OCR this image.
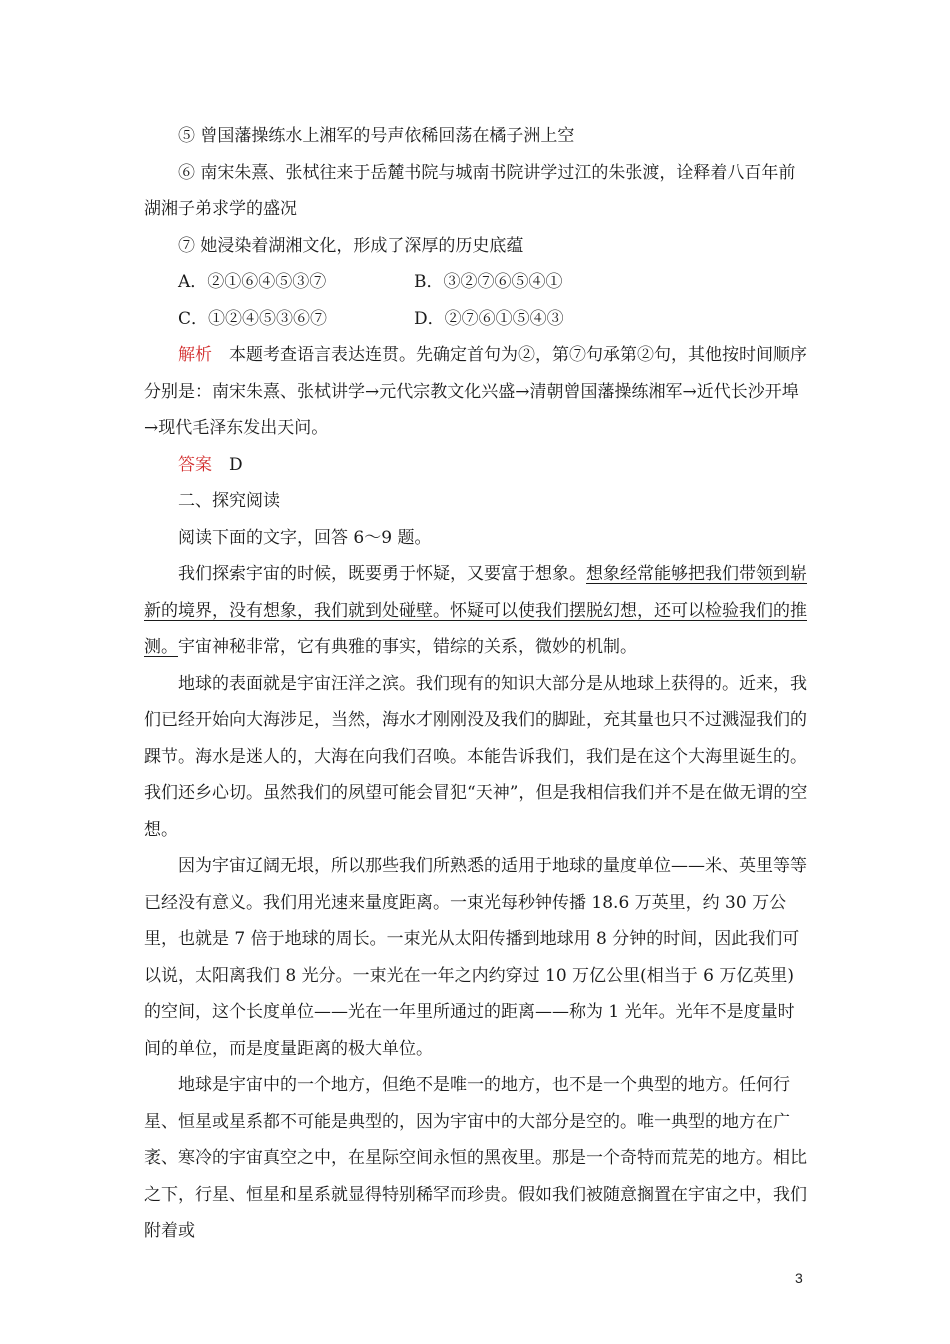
⑤ 曾国藩操练水上湘军的号声依稀回荡在橘子洲上空

⑥ 南宋朱熹、张栻往来于岳麓书院与城南书院讲学过江的朱张渡，诠释着八百年前湖湘子弟求学的盛况

⑦ 她浸染着湖湘文化，形成了深厚的历史底蕴

A．②①⑥④⑤③⑦	B．③②⑦⑥⑤④①
C．①②④⑤③⑥⑦	D．②⑦⑥①⑤④③

解析　 本题考查语言表达连贯。先确定首句为②，第⑦句承第②句，其他按时间顺序分别是：南宋朱熹、张栻讲学→元代宗教文化兴盛→清朝曾国藩操练湘军→近代长沙开埠→现代毛泽东发出天问。

答案　 D

二、探究阅读

阅读下面的文字，回答 6～9 题。

我们探索宇宙的时候，既要勇于怀疑，又要富于想象。想象经常能够把我们带领到崭新的境界，没有想象，我们就到处碰壁。怀疑可以使我们摆脱幻想，还可以检验我们的推测。宇宙神秘非常，它有典雅的事实，错综的关系，微妙的机制。

地球的表面就是宇宙汪洋之滨。我们现有的知识大部分是从地球上获得的。近来，我们已经开始向大海涉足，当然，海水才刚刚没及我们的脚趾，充其量也只不过溅湿我们的踝节。海水是迷人的，大海在向我们召唤。本能告诉我们，我们是在这个大海里诞生的。我们还乡心切。虽然我们的夙望可能会冒犯“天神”，但是我相信我们并不是在做无谓的空想。

因为宇宙辽阔无垠，所以那些我们所熟悉的适用于地球的量度单位——米、英里等等已经没有意义。我们用光速来量度距离。一束光每秒钟传播 18.6 万英里，约 30 万公里，也就是 7 倍于地球的周长。一束光从太阳传播到地球用 8 分钟的时间，因此我们可以说，太阳离我们 8 光分。一束光在一年之内约穿过 10 万亿公里(相当于 6 万亿英里)的空间，这个长度单位——光在一年里所通过的距离——称为 1 光年。光年不是度量时间的单位，而是度量距离的极大单位。

地球是宇宙中的一个地方，但绝不是唯一的地方，也不是一个典型的地方。任何行星、恒星或星系都不可能是典型的，因为宇宙中的大部分是空的。唯一典型的地方在广袤、寒冷的宇宙真空之中，在星际空间永恒的黑夜里。那是一个奇特而荒芜的地方。相比之下，行星、恒星和星系就显得特别稀罕而珍贵。假如我们被随意搁置在宇宙之中，我们附着或

3
